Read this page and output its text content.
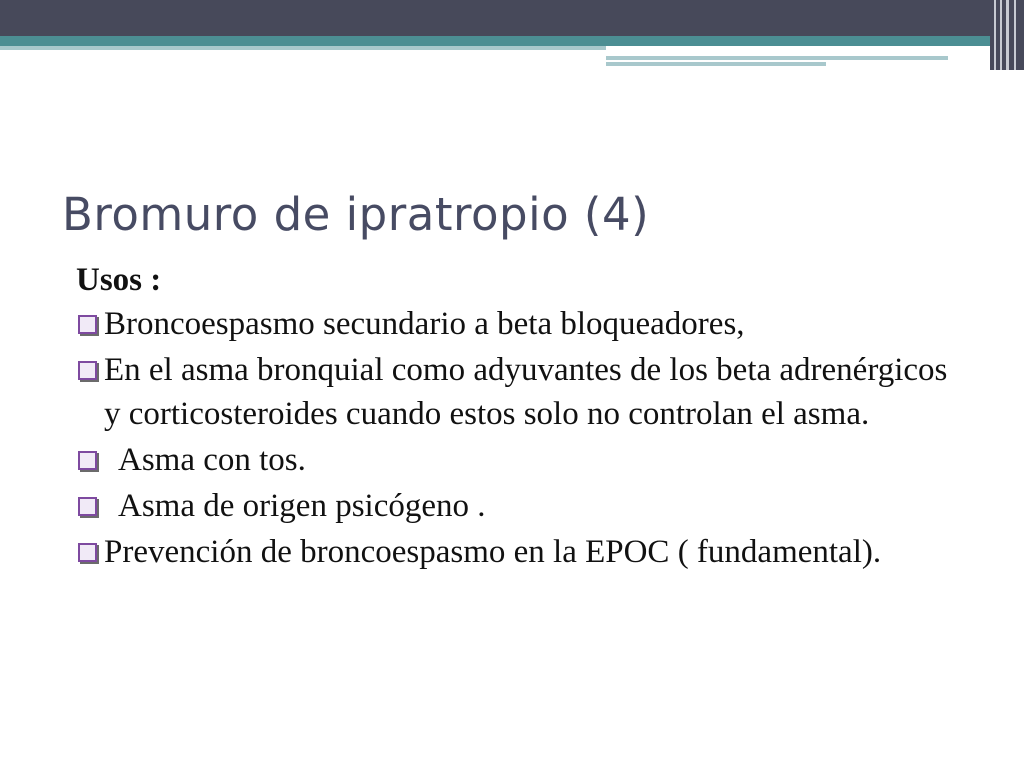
Bromuro de ipratropio (4)
Usos :
Broncoespasmo secundario a beta bloqueadores,
En el asma bronquial como adyuvantes de los beta adrenérgicos y corticosteroides cuando estos solo no controlan el asma.
Asma con tos.
Asma de origen psicógeno .
Prevención de broncoespasmo en la EPOC ( fundamental).
